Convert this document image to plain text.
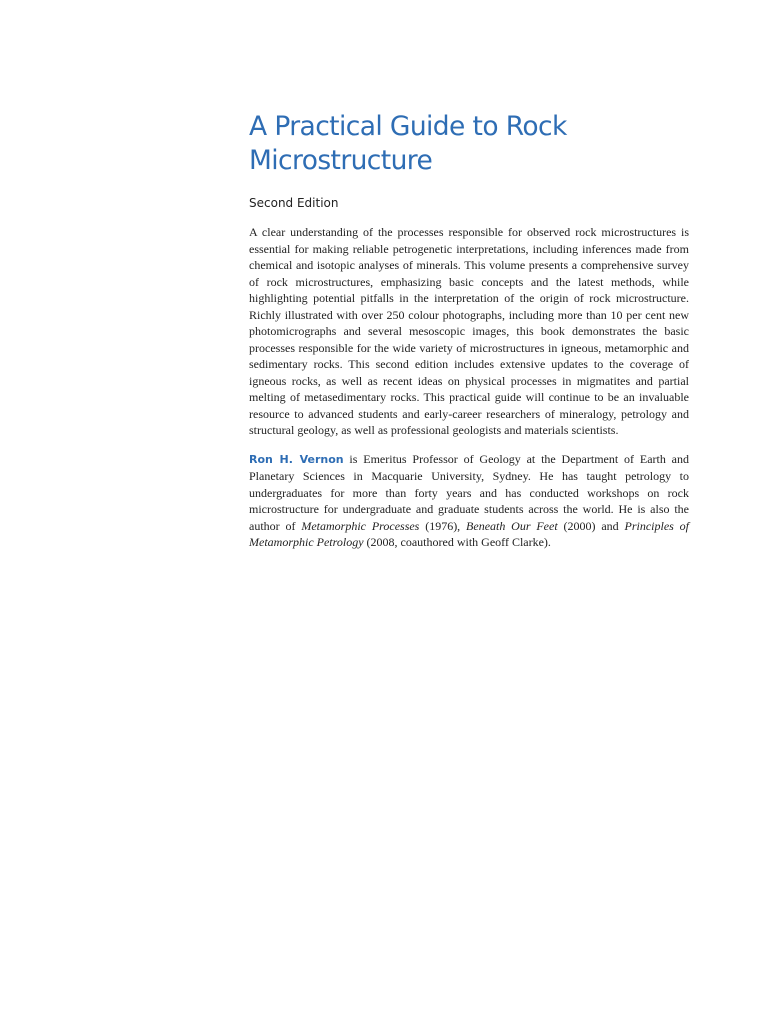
A Practical Guide to Rock
Microstructure

Second Edition

A clear understanding of the processes responsible for observed rock microstructures is essential for making reliable petrogenetic interpretations, including inferences made from chemical and isotopic analyses of minerals. This volume presents a comprehensive survey of rock microstructures, emphasizing basic concepts and the latest methods, while highlighting potential pitfalls in the interpretation of the origin of rock microstructure. Richly illustrated with over 250 colour photographs, including more than 10 per cent new photomicrographs and several mesoscopic images, this book demonstrates the basic processes responsible for the wide variety of microstructures in igneous, metamorphic and sedimentary rocks. This second edition includes extensive updates to the coverage of igneous rocks, as well as recent ideas on physical processes in migmatites and partial melting of metasedimentary rocks. This practical guide will continue to be an invaluable resource to advanced students and early-career researchers of mineralogy, petrology and structural geology, as well as professional geologists and materials scientists.

Ron H. Vernon is Emeritus Professor of Geology at the Department of Earth and Planetary Sciences in Macquarie University, Sydney. He has taught petrology to undergraduates for more than forty years and has conducted workshops on rock microstructure for undergraduate and graduate students across the world. He is also the author of Metamorphic Processes (1976), Beneath Our Feet (2000) and Principles of Metamorphic Petrology (2008, coauthored with Geoff Clarke).
